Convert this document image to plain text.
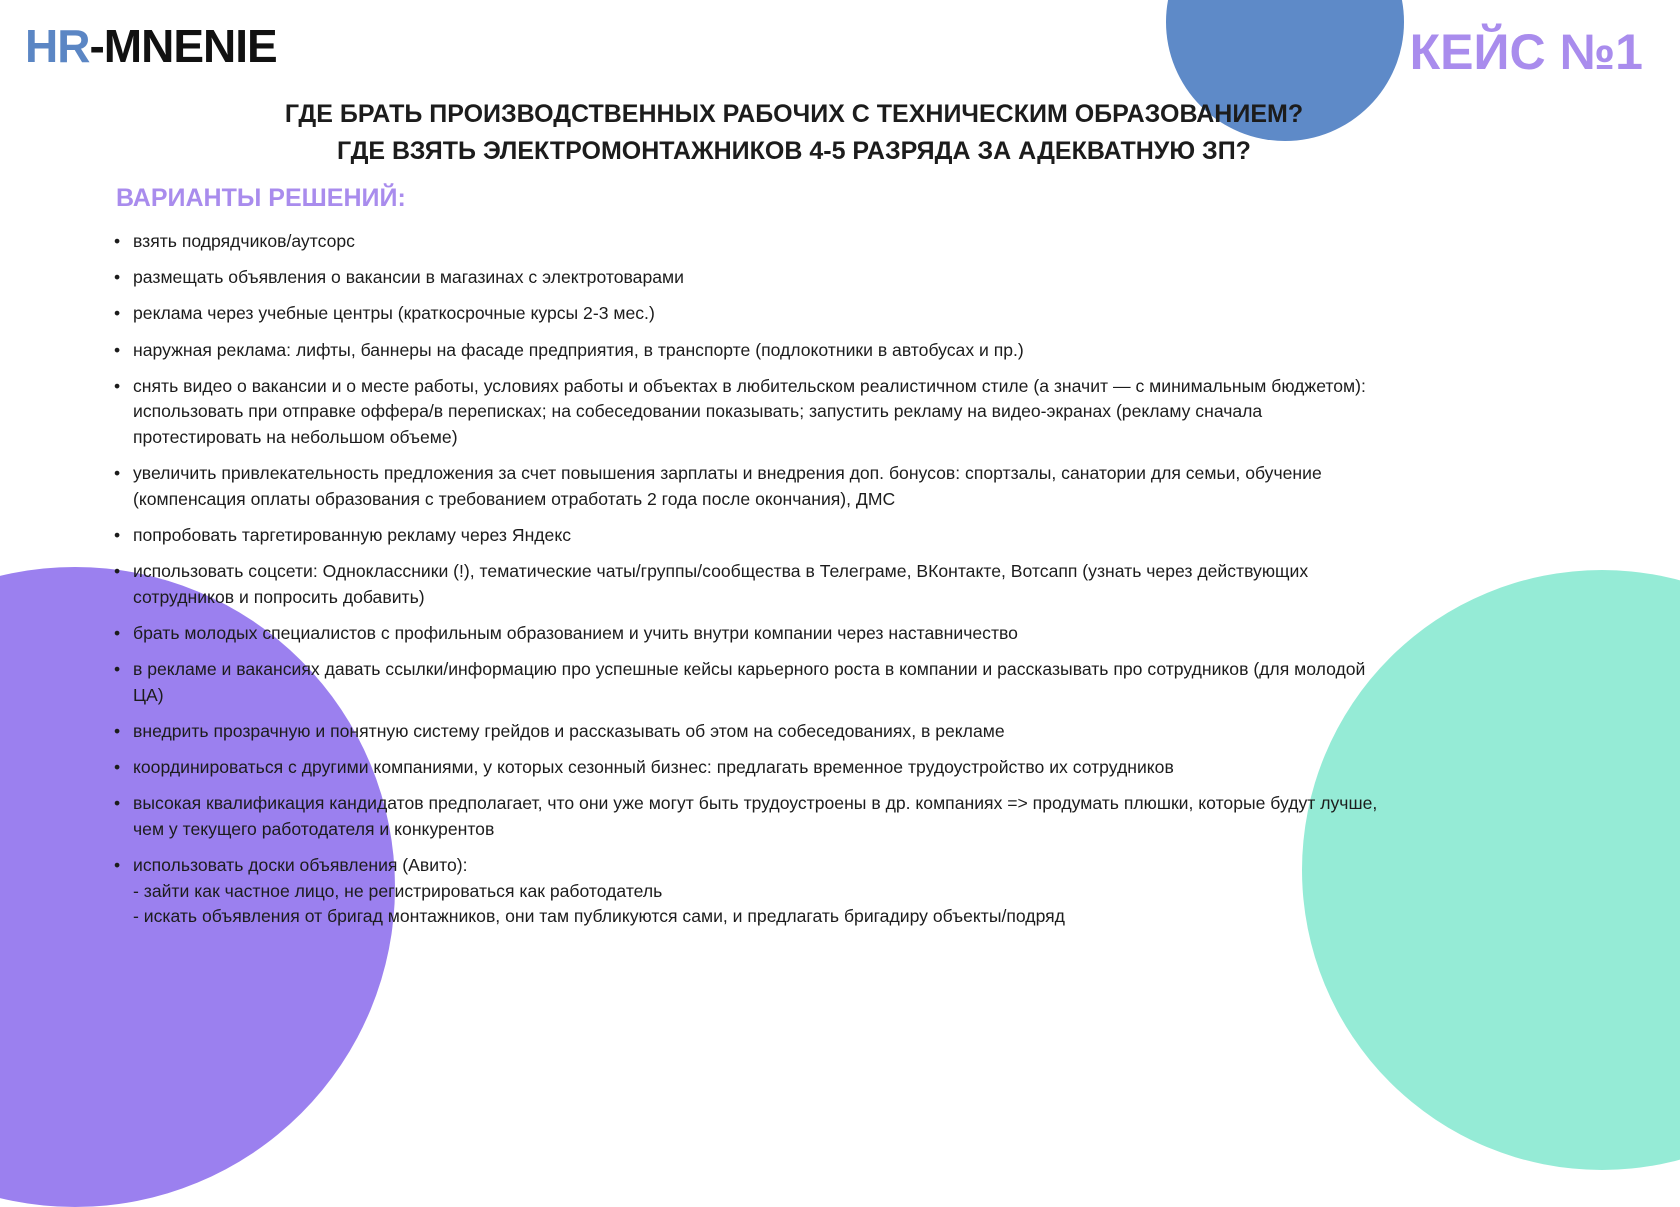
HR-MNENIE	КЕЙС №1
ГДЕ БРАТЬ ПРОИЗВОДСТВЕННЫХ РАБОЧИХ С ТЕХНИЧЕСКИМ ОБРАЗОВАНИЕМ?
ГДЕ ВЗЯТЬ ЭЛЕКТРОМОНТАЖНИКОВ 4-5 РАЗРЯДА ЗА АДЕКВАТНУЮ ЗП?
ВАРИАНТЫ РЕШЕНИЙ:
• взять подрядчиков/аутсорс
• размещать объявления о вакансии в магазинах с электротоварами
• реклама через учебные центры (краткосрочные курсы 2-3 мес.)
• наружная реклама: лифты, баннеры на фасаде предприятия, в транспорте (подлокотники в автобусах и пр.)
• снять видео о вакансии и о месте работы, условиях работы и объектах в любительском реалистичном стиле (а значит — с минимальным бюджетом):
использовать при отправке оффера/в переписках; на собеседовании показывать; запустить рекламу на видео-экранах (рекламу сначала
протестировать на небольшом объеме)
• увеличить привлекательность предложения за счет повышения зарплаты и внедрения доп. бонусов: спортзалы, санатории для семьи, обучение
(компенсация оплаты образования с требованием отработать 2 года после окончания), ДМС
• попробовать таргетированную рекламу через Яндекс
• использовать соцсети: Одноклассники (!), тематические чаты/группы/сообщества в Телеграме, ВКонтакте, Вотсапп (узнать через действующих
сотрудников и попросить добавить)
• брать молодых специалистов с профильным образованием и учить внутри компании через наставничество
• в рекламе и вакансиях давать ссылки/информацию про успешные кейсы карьерного роста в компании и рассказывать про сотрудников (для молодой
ЦА)
• внедрить прозрачную и понятную систему грейдов и рассказывать об этом на собеседованиях, в рекламе
• координироваться с другими компаниями, у которых сезонный бизнес: предлагать временное трудоустройство их сотрудников
• высокая квалификация кандидатов предполагает, что они уже могут быть трудоустроены в др. компаниях => продумать плюшки, которые будут лучше,
чем у текущего работодателя и конкурентов
• использовать доски объявления (Авито):
- зайти как частное лицо, не регистрироваться как работодатель
- искать объявления от бригад монтажников, они там публикуются сами, и предлагать бригадиру объекты/подряд
